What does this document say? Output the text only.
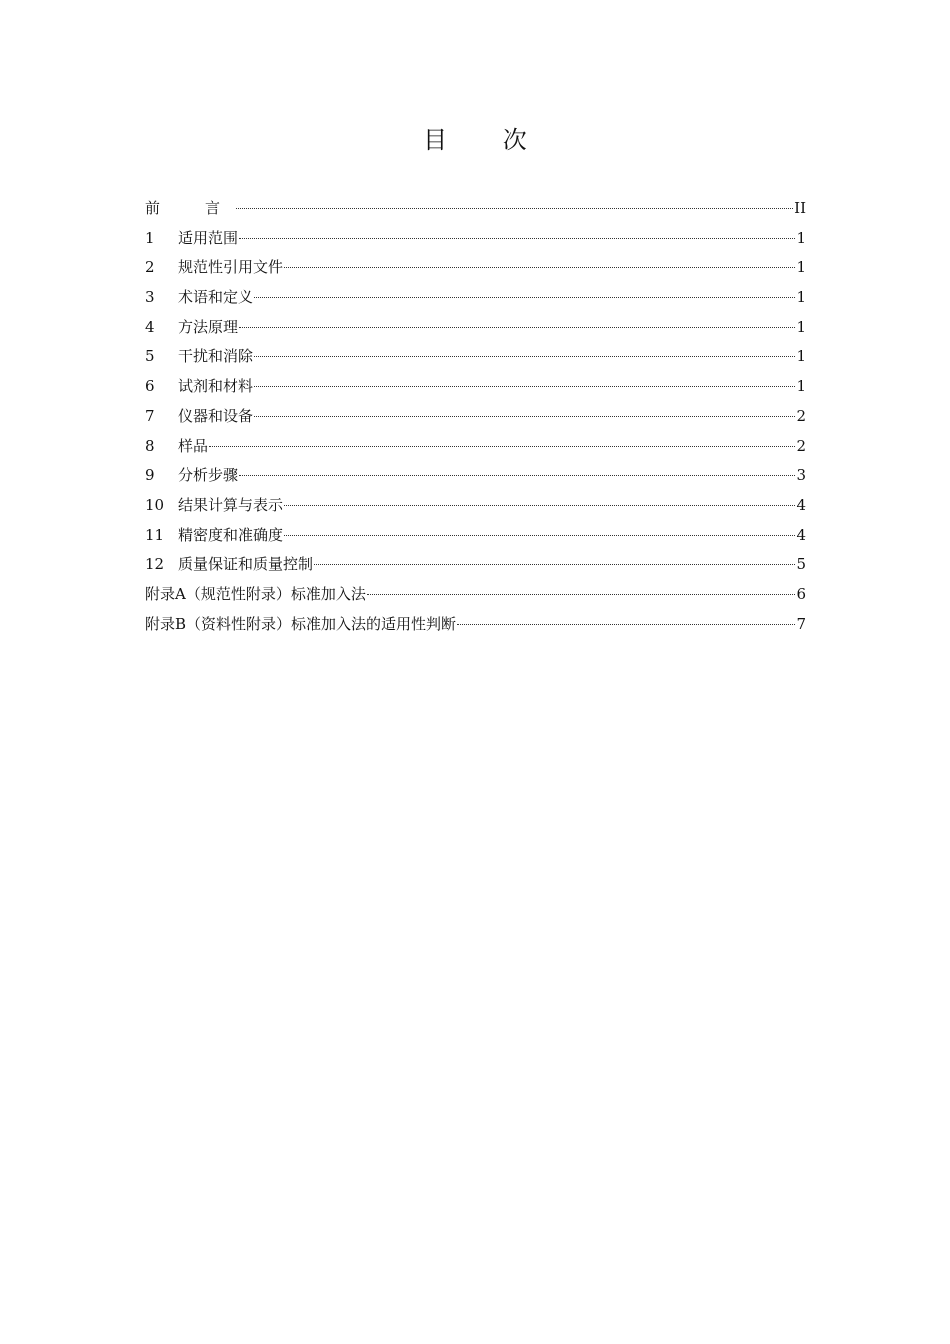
目 次
前　言	II
1	适用范围	1
2	规范性引用文件	1
3	术语和定义	1
4	方法原理	1
5	干扰和消除	1
6	试剂和材料	1
7	仪器和设备	2
8	样品	2
9	分析步骤	3
10 结果计算与表示	4
11 精密度和准确度	4
12 质量保证和质量控制	5
附录A（规范性附录）标准加入法	6
附录B（资料性附录）标准加入法的适用性判断	7
